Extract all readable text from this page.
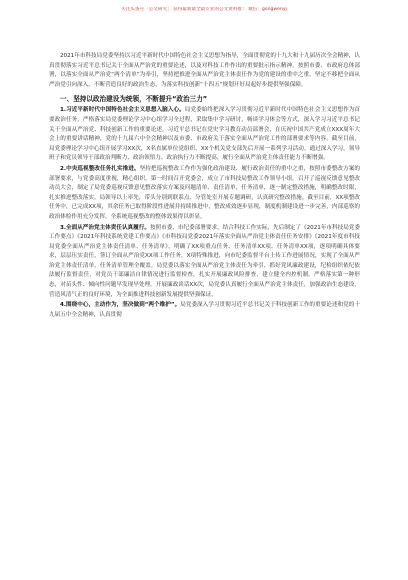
关注头条号「公文研究」 获得最新最全最专业的公文资料推！ 微信：gongwenyj

2021年市科技局党委坚持以习近平新时代中国特色社会主义思想为指导，全面贯彻党的十九大和十九届历次全会精神，认真贯彻落实习近平总书记关于全面从严治党的重要论述，以及对科技工作作出的重要批示指示精神，按照市委、市政府总体部署，以落实全面从严治党“两个清单”为牵引，坚持把推进全面从严治党主体责任作为党的建设的重中之重，坚定不移把全面从严治党引向深入，不断营造良好的政治生态，为落实科技创新“十四五”规划开好局起好步提供坚强保障。

一、坚持以政治建设为统领，不断提升“政治三力”

1.习近平新时代中国特色社会主义思想入脑入心。局党委始终把深入学习贯彻习近平新时代中国特色社会主义思想作为首要政治任务，严格落实局党委理论学习中心组学习全过程，采取集中学习研讨，畅谈学习体会等方式，深入学习习近平总书记关于全面从严治党、科技创新工作的重要论述，习近平总书记在党史学习教育动员部署会、在庆祝中国共产党成立XXX周年大会上的重要讲话精神，党的十九届六中全会精神以及市委、市政府关于落实全面从严治党工作的部署要求等内容。截至目前，局党委理论学习中心组开展学习XX次，X名直属单位党组织、XX个机关党支部先后开展一系列学习活动。通过深入学习，领导班子和党员领导干部政治判断力、政治领悟力、政治执行力不断提高，履行全面从严治党主体责任能力不断增强。

2.中央巡视整改任务扎实推进。坚持把巡视整改工作作为强化政治建设、履行政治责任的重中之重，按照市委整改方案的部署要求，与党委高度重视，精心组织，第一时间召开党委会，成立了市科技局整改工作领导小组，召开了巡视反馈意见整改动员大会，制定了局党委巡视反馈意见整改落实方案及问题清单、责任清单、任务清单，逐一制定整改措施，明确整改时限，扎实推进整改落实。局领导以上率先，带头分别到联系点、分管处室开展专题调研，认真研究整改措施。截至目前，XX项整改任务中，已完成XX项，其余任务已取得阶段性进展并持续推进中，整改成效逐步显现，制度机制建设进一步完善，内部巡察的政治体检作用充分发挥，全系统巡视整改的整体效果得以彰显。

3.全面从严治党主体责任认真履行。按照市委、市纪委部署要求，结合科技工作实际，先后制定了《2021年市科技局党委工作要点》《2021年科技系统党建工作要点》《市科技局党委2021年落实全面从严治党主体责任任务安排》《2021年度市科技局党委全面从严治党主体责任清单、任务清单》，明确了XX项重点任务、任务清单XX项、任务清单XX项，逐项明确具体要求，层层压实责任，签订全面从严治党XX项工作任务，X项特殊推进，向市纪委监督平台上传工作进展情况，实现了全面从严治党主体责任清单、任务清单管理全覆盖。局党委以落实全面从严治党主体责任为牵引，抓好党风廉政建设，纪检组织依纪依法履行监督责任，对党员干部廉洁自律情况进行监督检查，扎实开展廉政风险排查，建立健全内控机制。严格落实第一种形态，对苗头性、倾向性问题早发现早处理。开展廉政谈话XX次，局党委认真履行全面从严治党主体责任，加强政治生态建设，营造风清气正的良好环境，为全面推进科技创新发展提供坚强保证。

4.围绕中心，主动作为，坚决做到“两个维护”。局党委深入学习贯彻习近平总书记关于科技创新工作的重要论述和党的十九届五中全会精神，认真贯彻
